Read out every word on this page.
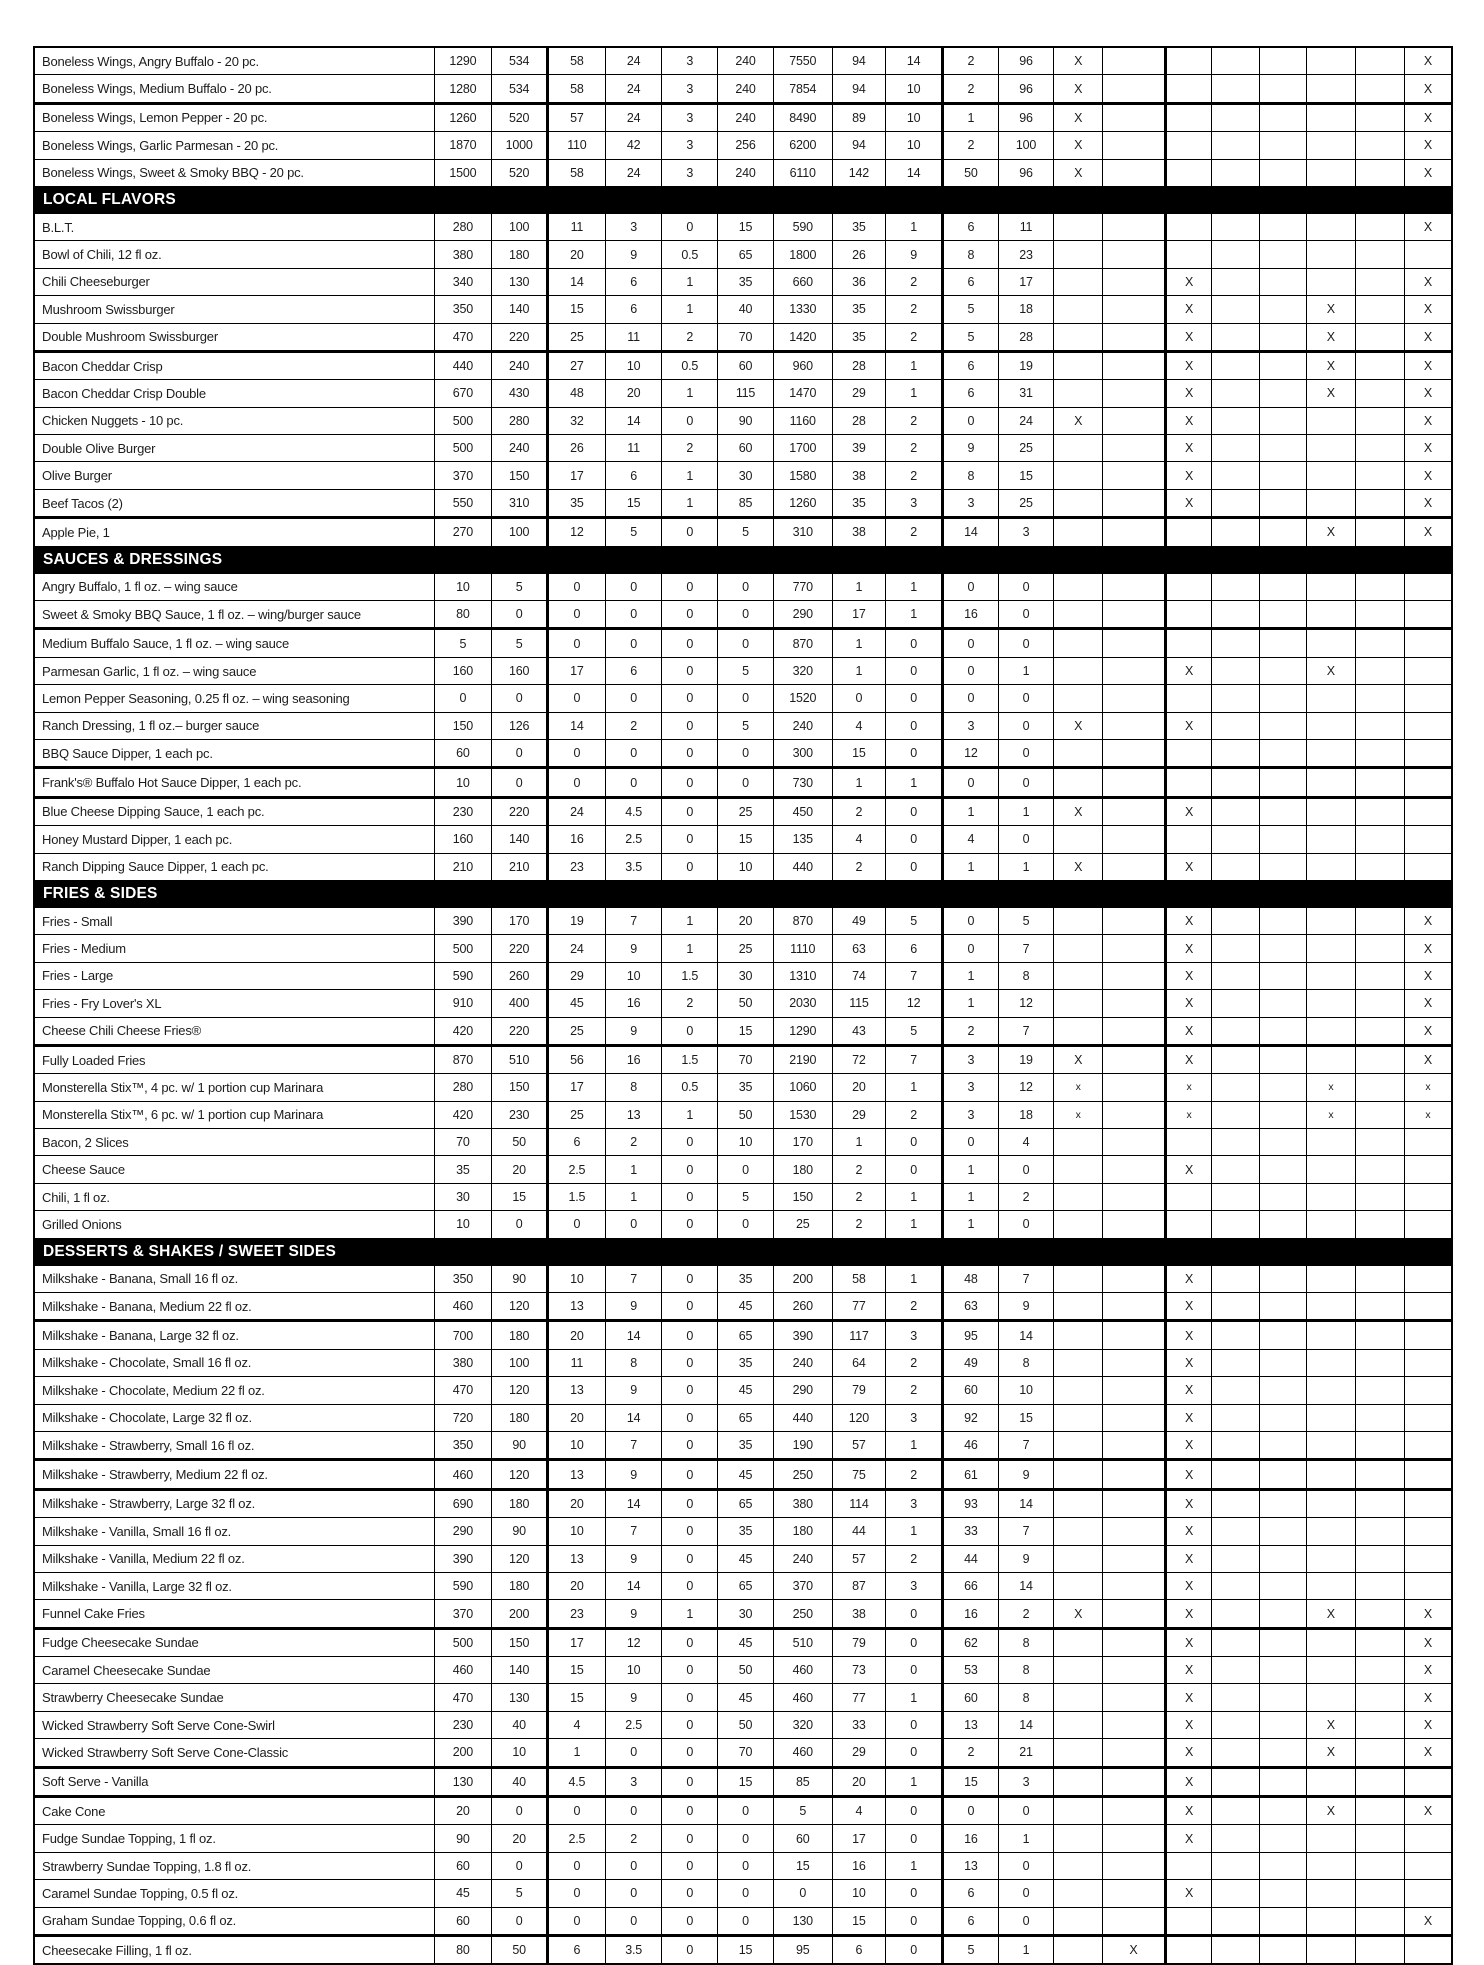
Boneless Wings, Angry Buffalo - 20 pc.	1290	534	58	24	3	240	7550	94	14	2	96	X							X
Boneless Wings, Medium Buffalo - 20 pc.	1280	534	58	24	3	240	7854	94	10	2	96	X							X
Boneless Wings, Lemon Pepper - 20 pc.	1260	520	57	24	3	240	8490	89	10	1	96	X							X
Boneless Wings, Garlic Parmesan - 20 pc.	1870	1000	110	42	3	256	6200	94	10	2	100	X							X
Boneless Wings, Sweet & Smoky BBQ - 20 pc.	1500	520	58	24	3	240	6110	142	14	50	96	X							X
LOCAL FLAVORS																			
B.L.T.	280	100	11	3	0	15	590	35	1	6	11								X
Bowl of Chili, 12 fl oz.	380	180	20	9	0.5	65	1800	26	9	8	23								
Chili Cheeseburger	340	130	14	6	1	35	660	36	2	6	17			X					X
Mushroom Swissburger	350	140	15	6	1	40	1330	35	2	5	18			X			X		X
Double Mushroom Swissburger	470	220	25	11	2	70	1420	35	2	5	28			X			X		X
Bacon Cheddar Crisp	440	240	27	10	0.5	60	960	28	1	6	19			X			X		X
Bacon Cheddar Crisp Double	670	430	48	20	1	115	1470	29	1	6	31			X			X		X
Chicken Nuggets - 10 pc.	500	280	32	14	0	90	1160	28	2	0	24	X		X					X
Double Olive Burger	500	240	26	11	2	60	1700	39	2	9	25			X					X
Olive Burger	370	150	17	6	1	30	1580	38	2	8	15			X					X
Beef Tacos (2)	550	310	35	15	1	85	1260	35	3	3	25			X					X
Apple Pie, 1	270	100	12	5	0	5	310	38	2	14	3						X		X
SAUCES & DRESSINGS																			
Angry Buffalo, 1 fl oz. – wing sauce	10	5	0	0	0	0	770	1	1	0	0								
Sweet & Smoky BBQ Sauce, 1 fl oz. – wing/burger sauce	80	0	0	0	0	0	290	17	1	16	0								
Medium Buffalo Sauce, 1 fl oz. – wing sauce	5	5	0	0	0	0	870	1	0	0	0								
Parmesan Garlic, 1 fl oz. – wing sauce	160	160	17	6	0	5	320	1	0	0	1			X			X		
Lemon Pepper Seasoning, 0.25 fl oz. – wing seasoning	0	0	0	0	0	0	1520	0	0	0	0								
Ranch Dressing, 1 fl oz.– burger sauce	150	126	14	2	0	5	240	4	0	3	0	X		X					
BBQ Sauce Dipper, 1 each pc.	60	0	0	0	0	0	300	15	0	12	0								
Frank's® Buffalo Hot Sauce Dipper, 1 each pc.	10	0	0	0	0	0	730	1	1	0	0								
Blue Cheese Dipping Sauce, 1 each pc.	230	220	24	4.5	0	25	450	2	0	1	1	X		X					
Honey Mustard Dipper, 1 each pc.	160	140	16	2.5	0	15	135	4	0	4	0								
Ranch Dipping Sauce Dipper, 1 each pc.	210	210	23	3.5	0	10	440	2	0	1	1	X		X					
FRIES & SIDES																			
Fries - Small	390	170	19	7	1	20	870	49	5	0	5			X					X
Fries - Medium	500	220	24	9	1	25	1110	63	6	0	7			X					X
Fries - Large	590	260	29	10	1.5	30	1310	74	7	1	8			X					X
Fries - Fry Lover's XL	910	400	45	16	2	50	2030	115	12	1	12			X					X
Cheese Chili Cheese Fries®	420	220	25	9	0	15	1290	43	5	2	7			X					X
Fully Loaded Fries	870	510	56	16	1.5	70	2190	72	7	3	19	X		X					X
Monsterella Stix™, 4 pc. w/ 1 portion cup Marinara	280	150	17	8	0.5	35	1060	20	1	3	12	x		x			x		x
Monsterella Stix™, 6 pc. w/ 1 portion cup Marinara	420	230	25	13	1	50	1530	29	2	3	18	x		x			x		x
Bacon, 2 Slices	70	50	6	2	0	10	170	1	0	0	4								
Cheese Sauce	35	20	2.5	1	0	0	180	2	0	1	0			X					
Chili, 1 fl oz.	30	15	1.5	1	0	5	150	2	1	1	2								
Grilled Onions	10	0	0	0	0	0	25	2	1	1	0								
DESSERTS & SHAKES / SWEET SIDES																			
Milkshake - Banana, Small 16 fl oz.	350	90	10	7	0	35	200	58	1	48	7			X					
Milkshake - Banana, Medium 22 fl oz.	460	120	13	9	0	45	260	77	2	63	9			X					
Milkshake - Banana, Large 32 fl oz.	700	180	20	14	0	65	390	117	3	95	14			X					
Milkshake - Chocolate, Small 16 fl oz.	380	100	11	8	0	35	240	64	2	49	8			X					
Milkshake - Chocolate, Medium 22 fl oz.	470	120	13	9	0	45	290	79	2	60	10			X					
Milkshake - Chocolate, Large 32 fl oz.	720	180	20	14	0	65	440	120	3	92	15			X					
Milkshake - Strawberry, Small 16 fl oz.	350	90	10	7	0	35	190	57	1	46	7			X					
Milkshake - Strawberry, Medium 22 fl oz.	460	120	13	9	0	45	250	75	2	61	9			X					
Milkshake - Strawberry, Large 32 fl oz.	690	180	20	14	0	65	380	114	3	93	14			X					
Milkshake - Vanilla, Small 16 fl oz.	290	90	10	7	0	35	180	44	1	33	7			X					
Milkshake - Vanilla, Medium 22 fl oz.	390	120	13	9	0	45	240	57	2	44	9			X					
Milkshake - Vanilla, Large 32 fl oz.	590	180	20	14	0	65	370	87	3	66	14			X					
Funnel Cake Fries	370	200	23	9	1	30	250	38	0	16	2	X		X			X		X
Fudge Cheesecake Sundae	500	150	17	12	0	45	510	79	0	62	8			X					X
Caramel Cheesecake Sundae	460	140	15	10	0	50	460	73	0	53	8			X					X
Strawberry Cheesecake Sundae	470	130	15	9	0	45	460	77	1	60	8			X					X
Wicked Strawberry Soft Serve Cone-Swirl	230	40	4	2.5	0	50	320	33	0	13	14			X			X		X
Wicked Strawberry Soft Serve Cone-Classic	200	10	1	0	0	70	460	29	0	2	21			X			X		X
Soft Serve - Vanilla	130	40	4.5	3	0	15	85	20	1	15	3			X					
Cake Cone	20	0	0	0	0	0	5	4	0	0	0			X			X		X
Fudge Sundae Topping, 1 fl oz.	90	20	2.5	2	0	0	60	17	0	16	1			X					
Strawberry Sundae Topping, 1.8 fl oz.	60	0	0	0	0	0	15	16	1	13	0								
Caramel Sundae Topping, 0.5 fl oz.	45	5	0	0	0	0	0	10	0	6	0			X					
Graham Sundae Topping, 0.6 fl oz.	60	0	0	0	0	0	130	15	0	6	0								X
Cheesecake Filling, 1 fl oz.	80	50	6	3.5	0	15	95	6	0	5	1		X						
